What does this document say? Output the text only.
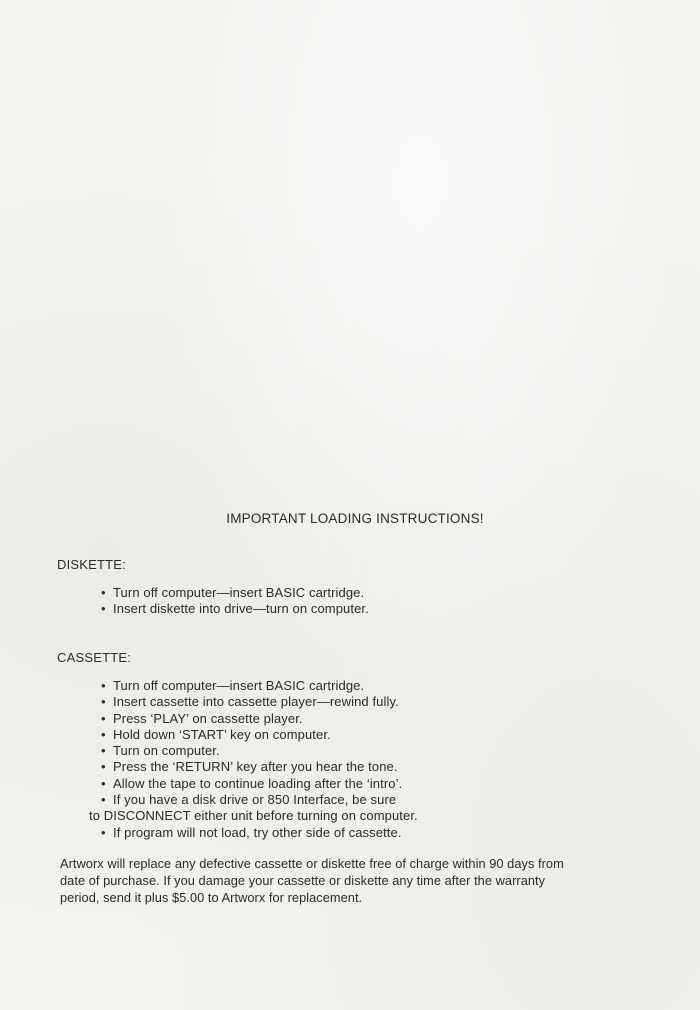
IMPORTANT LOADING INSTRUCTIONS!
DISKETTE:
• Turn off computer—insert BASIC cartridge.
• Insert diskette into drive—turn on computer.
CASSETTE:
• Turn off computer—insert BASIC cartridge.
• Insert cassette into cassette player—rewind fully.
• Press ‘PLAY’ on cassette player.
• Hold down ‘START’ key on computer.
• Turn on computer.
• Press the ‘RETURN’ key after you hear the tone.
• Allow the tape to continue loading after the ‘intro’.
• If you have a disk drive or 850 Interface, be sure
to DISCONNECT either unit before turning on computer.
• If program will not load, try other side of cassette.
Artworx will replace any defective cassette or diskette free of charge within 90 days from
date of purchase. If you damage your cassette or diskette any time after the warranty
period, send it plus $5.00 to Artworx for replacement.
